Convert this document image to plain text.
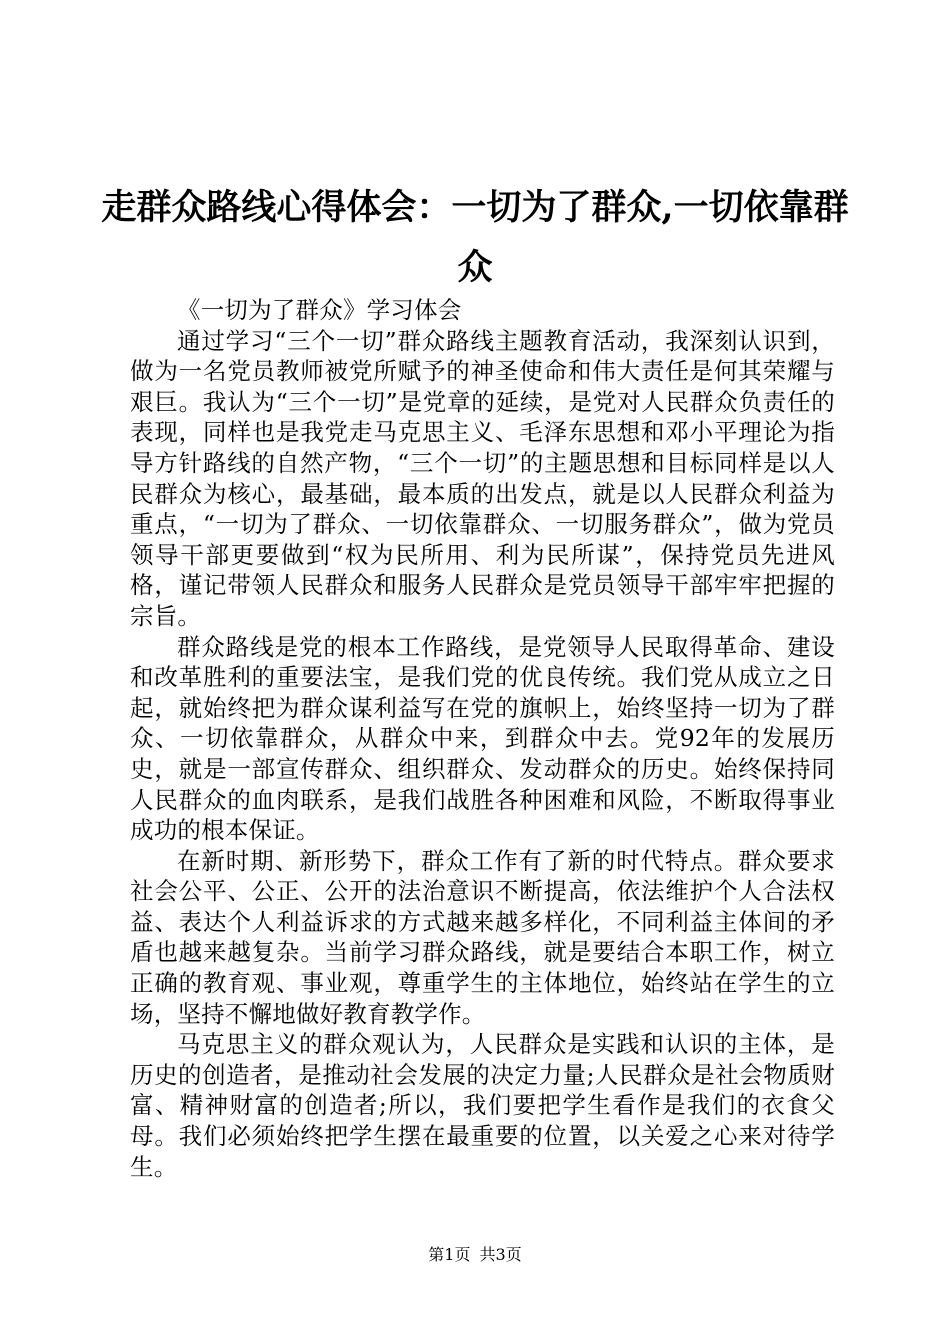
走群众路线心得体会：一切为了群众,一切依靠群众

《一切为了群众》学习体会

通过学习“三个一切”群众路线主题教育活动，我深刻认识到，做为一名党员教师被党所赋予的神圣使命和伟大责任是何其荣耀与艰巨。我认为“三个一切”是党章的延续，是党对人民群众负责任的表现，同样也是我党走马克思主义、毛泽东思想和邓小平理论为指导方针路线的自然产物，“三个一切”的主题思想和目标同样是以人民群众为核心，最基础，最本质的出发点，就是以人民群众利益为重点，“一切为了群众、一切依靠群众、一切服务群众”，做为党员领导干部更要做到“权为民所用、利为民所谋”，保持党员先进风格，谨记带领人民群众和服务人民群众是党员领导干部牢牢把握的宗旨。

群众路线是党的根本工作路线，是党领导人民取得革命、建设和改革胜利的重要法宝，是我们党的优良传统。我们党从成立之日起，就始终把为群众谋利益写在党的旗帜上，始终坚持一切为了群众、一切依靠群众，从群众中来，到群众中去。党92年的发展历史，就是一部宣传群众、组织群众、发动群众的历史。始终保持同人民群众的血肉联系，是我们战胜各种困难和风险，不断取得事业成功的根本保证。

在新时期、新形势下，群众工作有了新的时代特点。群众要求社会公平、公正、公开的法治意识不断提高，依法维护个人合法权益、表达个人利益诉求的方式越来越多样化，不同利益主体间的矛盾也越来越复杂。当前学习群众路线，就是要结合本职工作，树立正确的教育观、事业观，尊重学生的主体地位，始终站在学生的立场，坚持不懈地做好教育教学作。

马克思主义的群众观认为，人民群众是实践和认识的主体，是历史的创造者，是推动社会发展的决定力量;人民群众是社会物质财富、精神财富的创造者;所以，我们要把学生看作是我们的衣食父母。我们必须始终把学生摆在最重要的位置，以关爱之心来对待学生。

第1页 共3页
